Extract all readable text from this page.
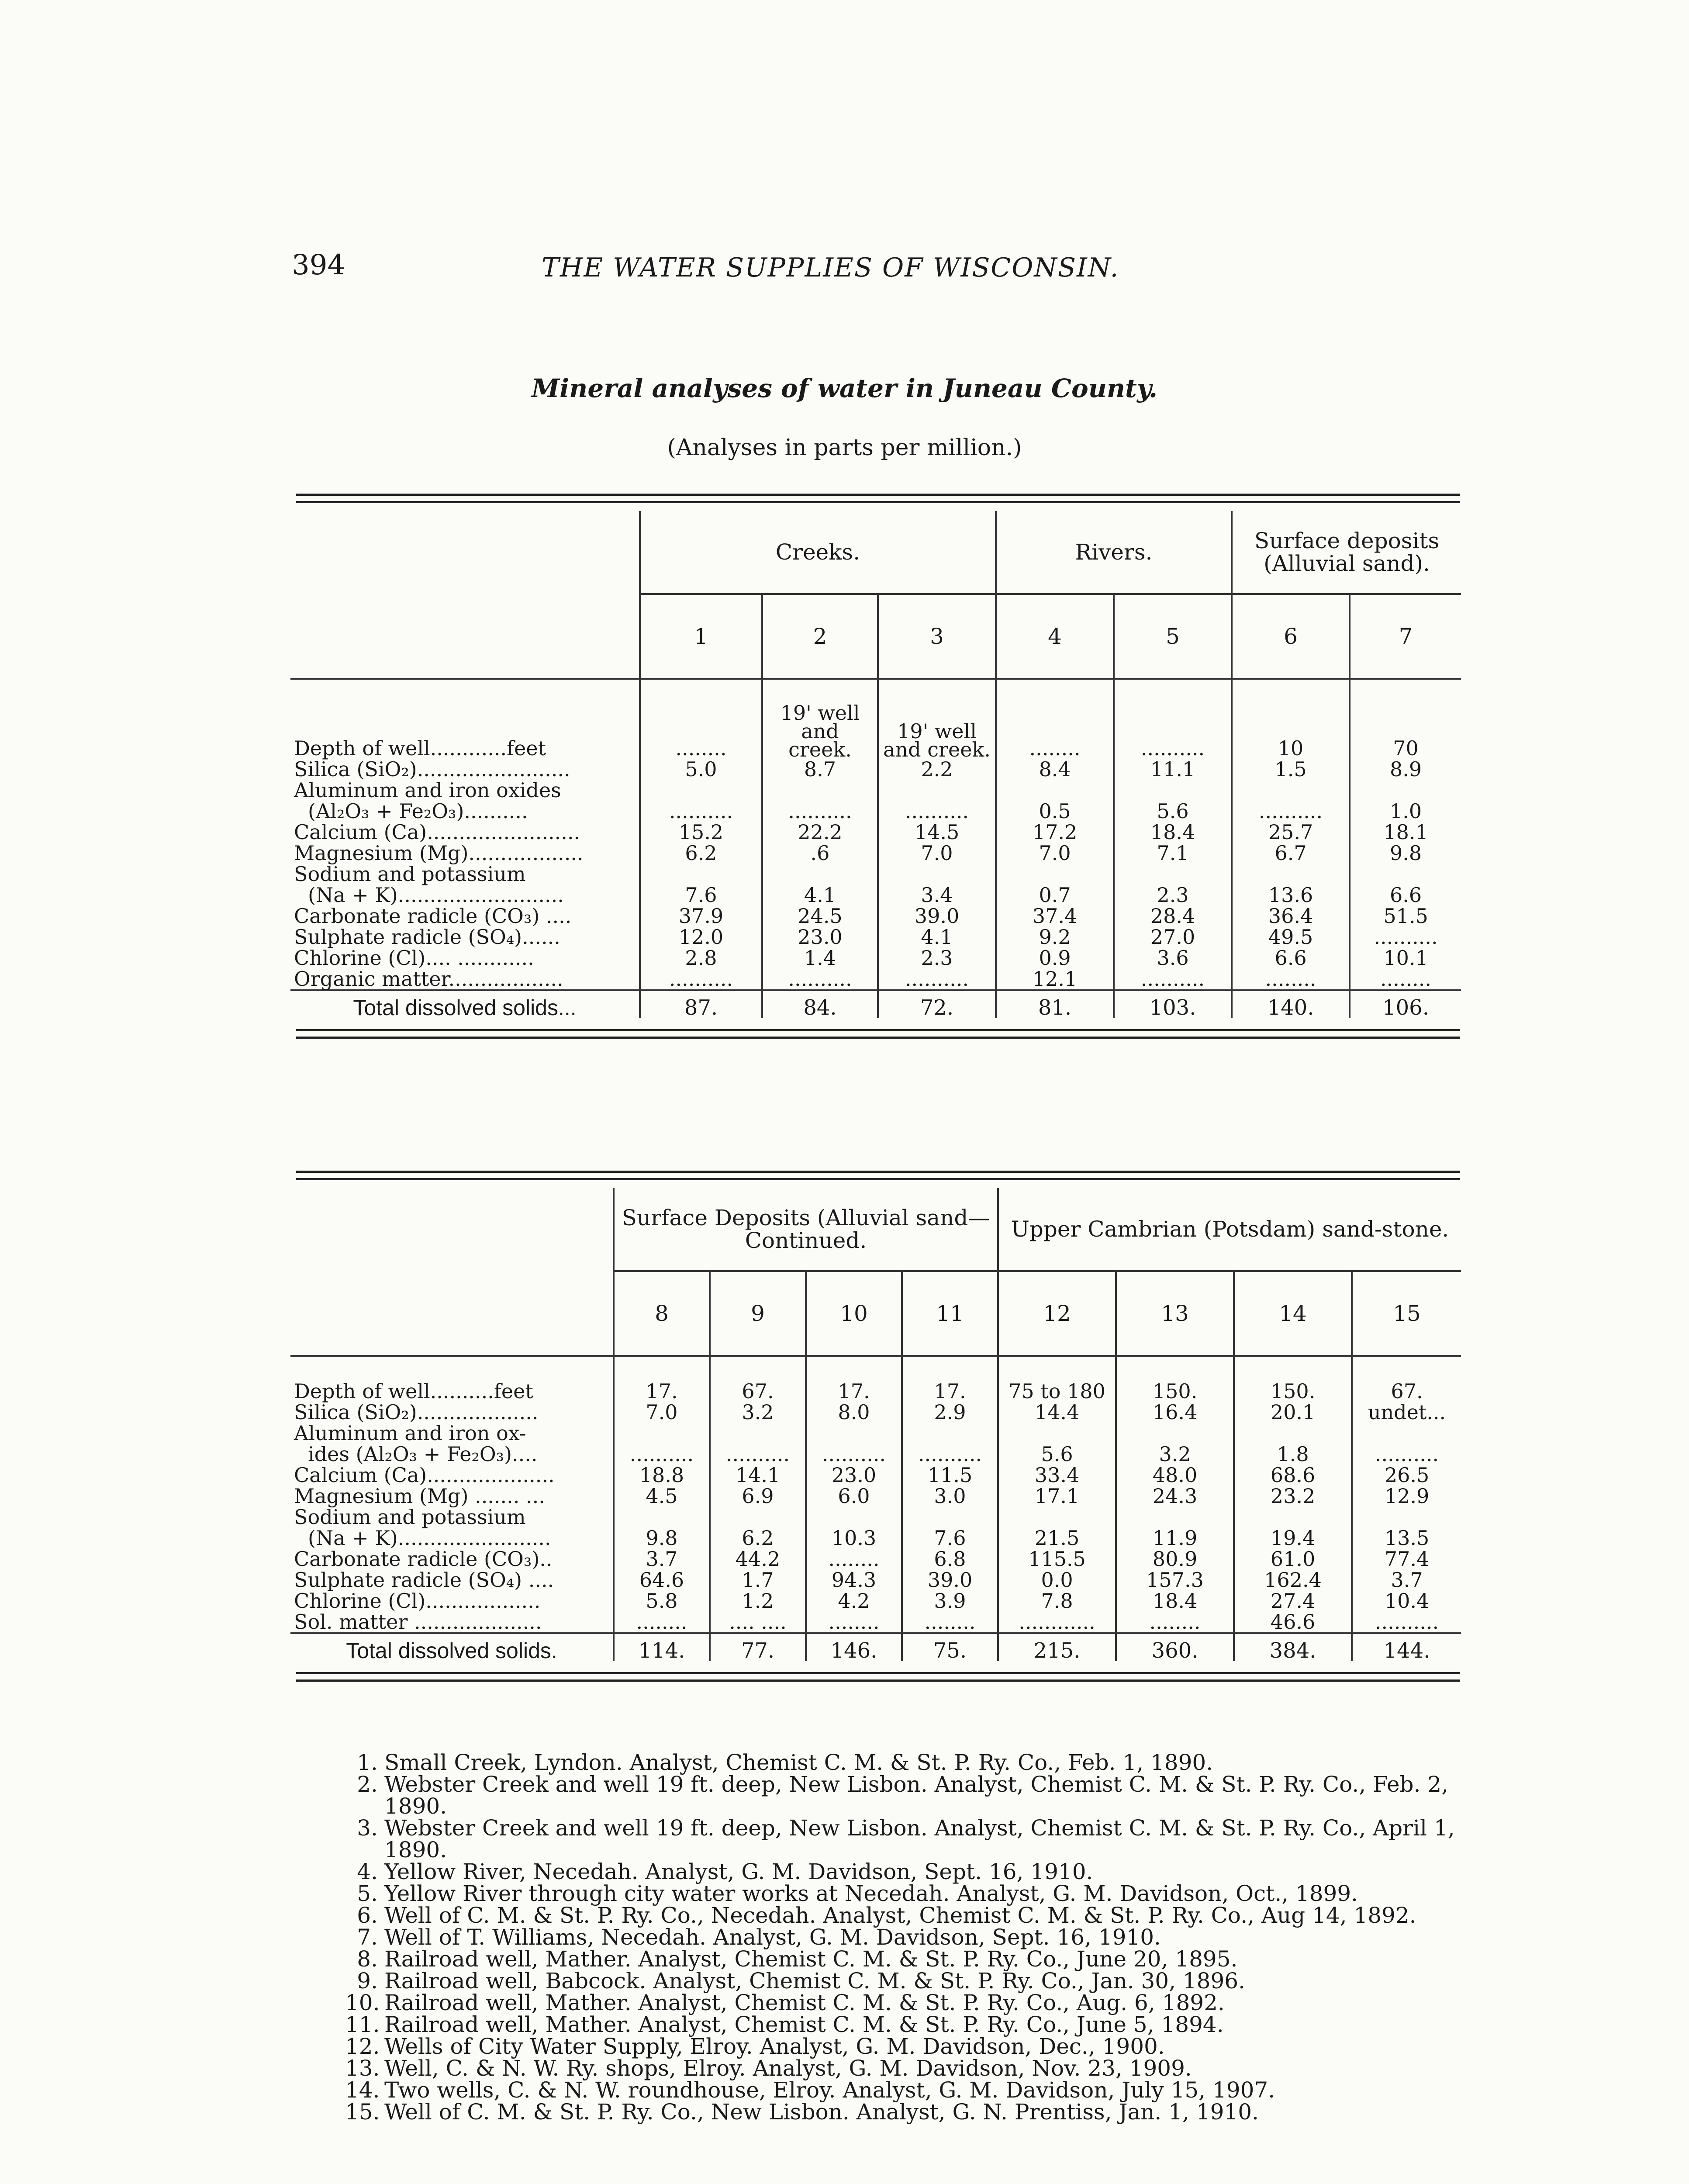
394	THE WATER SUPPLIES OF WISCONSIN.
Mineral analyses of water in Juneau County.
(Analyses in parts per million.)
	Creeks.			Rivers.		Surface deposits (Alluvial sand).	
	1	2	3	4	5	6	7

Depth of well............feet	........	19' well and creek.	19' well and creek.	........	..........	10	70
Silica (SiO₂)........................	5.0	8.7	2.2	8.4	11.1	1.5	8.9
Aluminum and iron oxides							
(Al₂O₃ + Fe₂O₃)..........	..........	..........	..........	0.5	5.6	..........	1.0
Calcium (Ca)........................	15.2	22.2	14.5	17.2	18.4	25.7	18.1
Magnesium (Mg)..................	6.2	.6	7.0	7.0	7.1	6.7	9.8
Sodium and potassium							
(Na + K)..........................	7.6	4.1	3.4	0.7	2.3	13.6	6.6
Carbonate radicle (CO₃) ....	37.9	24.5	39.0	37.4	28.4	36.4	51.5
Sulphate radicle (SO₄)......	12.0	23.0	4.1	9.2	27.0	49.5	..........
Chlorine (Cl).... ............	2.8	1.4	2.3	0.9	3.6	6.6	10.1
Organic matter..................	..........	..........	..........	12.1	..........	........	........
Total dissolved solids...	87.	84.	72.	81.	103.	140.	106.
	Surface Deposits (Alluvial sand—Continued.				Upper Cambrian (Potsdam) sand-stone.			
	8	9	10	11	12	13	14	15

Depth of well..........feet	17.	67.	17.	17.	75 to 180	150.	150.	67.
Silica (SiO₂)...................	7.0	3.2	8.0	2.9	14.4	16.4	20.1	undet...
Aluminum and iron ox-								
ides (Al₂O₃ + Fe₂O₃)....	..........	..........	..........	..........	5.6	3.2	1.8	..........
Calcium (Ca)....................	18.8	14.1	23.0	11.5	33.4	48.0	68.6	26.5
Magnesium (Mg) ....... ...	4.5	6.9	6.0	3.0	17.1	24.3	23.2	12.9
Sodium and potassium								
(Na + K)........................	9.8	6.2	10.3	7.6	21.5	11.9	19.4	13.5
Carbonate radicle (CO₃)..	3.7	44.2	........	6.8	115.5	80.9	61.0	77.4
Sulphate radicle (SO₄) ....	64.6	1.7	94.3	39.0	0.0	157.3	162.4	3.7
Chlorine (Cl)..................	5.8	1.2	4.2	3.9	7.8	18.4	27.4	10.4
Sol. matter ....................	........	.... ....	........	........	............	........	46.6	..........
Total dissolved solids.	114.	77.	146.	75.	215.	360.	384.	144.
1. Small Creek, Lyndon. Analyst, Chemist C. M. & St. P. Ry. Co., Feb. 1, 1890.
2. Webster Creek and well 19 ft. deep, New Lisbon. Analyst, Chemist C. M. & St. P. Ry. Co., Feb. 2, 1890.
3. Webster Creek and well 19 ft. deep, New Lisbon. Analyst, Chemist C. M. & St. P. Ry. Co., April 1, 1890.
4. Yellow River, Necedah. Analyst, G. M. Davidson, Sept. 16, 1910.
5. Yellow River through city water works at Necedah. Analyst, G. M. Davidson, Oct., 1899.
6. Well of C. M. & St. P. Ry. Co., Necedah. Analyst, Chemist C. M. & St. P. Ry. Co., Aug 14, 1892.
7. Well of T. Williams, Necedah. Analyst, G. M. Davidson, Sept. 16, 1910.
8. Railroad well, Mather. Analyst, Chemist C. M. & St. P. Ry. Co., June 20, 1895.
9. Railroad well, Babcock. Analyst, Chemist C. M. & St. P. Ry. Co., Jan. 30, 1896.
10. Railroad well, Mather. Analyst, Chemist C. M. & St. P. Ry. Co., Aug. 6, 1892.
11. Railroad well, Mather. Analyst, Chemist C. M. & St. P. Ry. Co., June 5, 1894.
12. Wells of City Water Supply, Elroy. Analyst, G. M. Davidson, Dec., 1900.
13. Well, C. & N. W. Ry. shops, Elroy. Analyst, G. M. Davidson, Nov. 23, 1909.
14. Two wells, C. & N. W. roundhouse, Elroy. Analyst, G. M. Davidson, July 15, 1907.
15. Well of C. M. & St. P. Ry. Co., New Lisbon. Analyst, G. N. Prentiss, Jan. 1, 1910.
